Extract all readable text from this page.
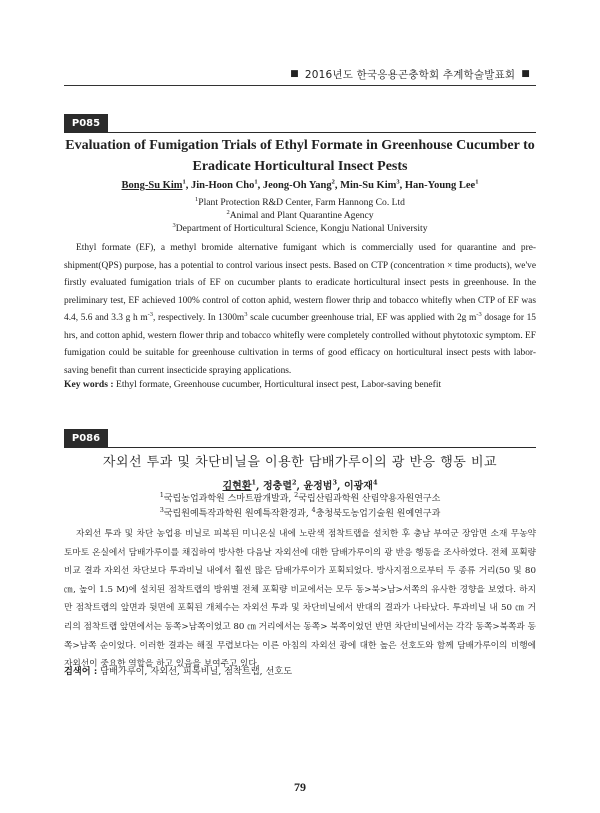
■ 2016년도 한국응용곤충학회 추계학술발표회 ■
P085
Evaluation of Fumigation Trials of Ethyl Formate in Greenhouse Cucumber to Eradicate Horticultural Insect Pests
Bong-Su Kim$^1$, Jin-Hoon Cho$^1$, Jeong-Oh Yang$^2$, Min-Su Kim$^3$, Han-Young Lee$^1$
$^1$Plant Protection R&D Center, Farm Hannong Co. Ltd
$^2$Animal and Plant Quarantine Agency
$^3$Department of Horticultural Science, Kongju National University

Ethyl formate (EF), a methyl bromide alternative fumigant which is commercially used for quarantine and pre-shipment(QPS) purpose, has a potential to control various insect pests. Based on CTP (concentration × time products), we've firstly evaluated fumigation trials of EF on cucumber plants to eradicate horticultural insect pests in greenhouse. In the preliminary test, EF achieved 100% control of cotton aphid, western flower thrip and tobacco whitefly when CTP of EF was 4.4, 5.6 and 3.3 g h $m^{-3}$, respectively. In $1300m^3$ scale cucumber greenhouse trial, EF was applied with 2g $m^{-3}$ dosage for 15 hrs, and cotton aphid, western flower thrip and tobacco whitefly were completely controlled without phytotoxic symptom. EF fumigation could be suitable for greenhouse cultivation in terms of good efficacy on horticultural insect pests with labor-saving benefit than current insecticide spraying applications.

Key words : Ethyl formate, Greenhouse cucumber, Horticultural insect pest, Labor-saving benefit
P086
자외선 투과 및 차단비닐을 이용한 담배가루이의 광 반응 행동 비교
김현환$^1$, 정충렬$^2$, 윤정범$^3$, 이광재$^4$
$^1$국립농업과학원 스마트팜개발과, $^2$국립산림과학원 산림약용자원연구소
$^3$국립원예특작과학원 원예특작환경과, $^4$충청북도농업기술원 원예연구과

자외선 투과 및 차단 농업용 비닐로 피복된 미니온실 내에 노란색 점착트랩을 설치한 후 충남 부여군 장암면 소재 무농약 토마토 온실에서 담배가루이를 채집하여 방사한 다음날 자외선에 대한 담배가루이의 광 반응 행동을 조사하였다. 전체 포획량 비교 결과 자외선 차단보다 투과비닐 내에서 훨씬 많은 담배가루이가 포획되었다. 방사지점으로부터 두 종류 거리(50 및 80 ㎝, 높이 1.5 M)에 설치된 점착트랩의 방위별 전체 포획량 비교에서는 모두 동>북>남>서쪽의 유사한 경향을 보였다. 하지만 점착트랩의 앞면과 뒷면에 포획된 개체수는 자외선 투과 및 차단비닐에서 반대의 결과가 나타났다. 투과비닐 내 50 ㎝ 거리의 점착트랩 앞면에서는 동쪽>남쪽이었고 80 ㎝ 거리에서는 동쪽> 북쪽이었던 반면 차단비닐에서는 각각 동쪽>북쪽과 동쪽>남쪽 순이었다. 이러한 결과는 해질 무렵보다는 이른 아침의 자외선 광에 대한 높은 선호도와 함께 담배가루이의 비행에 자외선이 중요한 역할을 하고 있음을 보여주고 있다.

검색어 : 담배가루이, 자외선, 피복비닐, 점착트랩, 선호도
79
